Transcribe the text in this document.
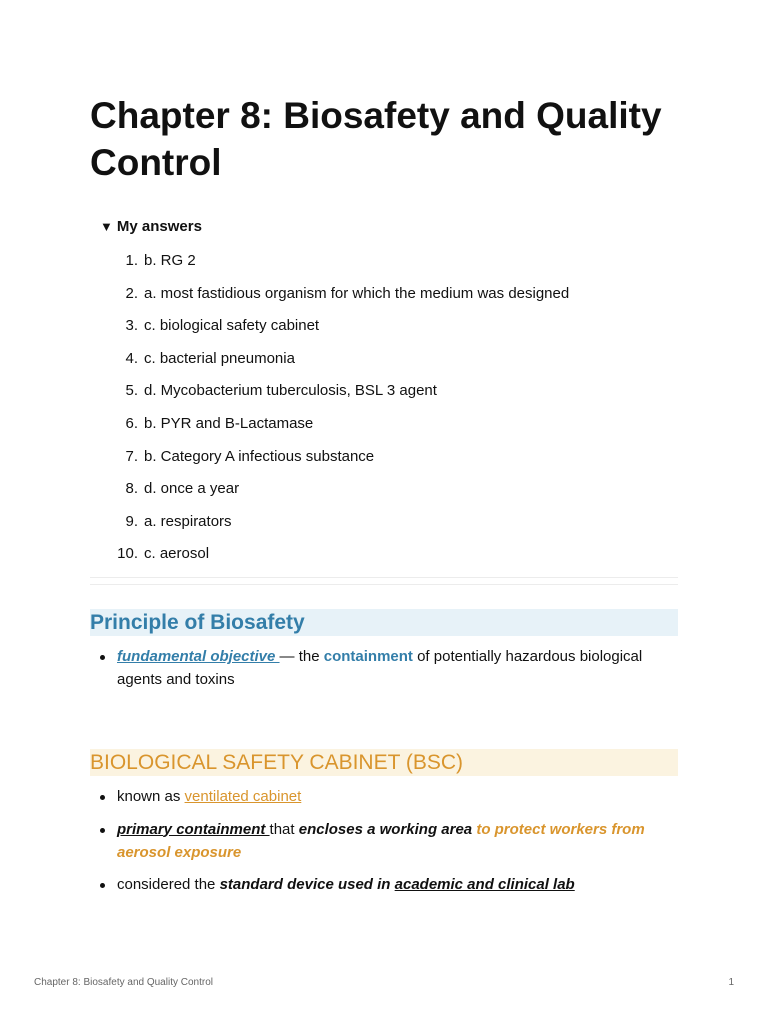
Chapter 8: Biosafety and Quality Control
▼ My answers
1. b. RG 2
2. a. most fastidious organism for which the medium was designed
3. c. biological safety cabinet
4. c. bacterial pneumonia
5. d. Mycobacterium tuberculosis, BSL 3 agent
6. b. PYR and B-Lactamase
7. b. Category A infectious substance
8. d. once a year
9. a. respirators
10. c. aerosol
Principle of Biosafety
fundamental objective — the containment of potentially hazardous biological agents and toxins
BIOLOGICAL SAFETY CABINET (BSC)
known as ventilated cabinet
primary containment that encloses a working area to protect workers from aerosol exposure
considered the standard device used in academic and clinical lab
Chapter 8: Biosafety and Quality Control	1
